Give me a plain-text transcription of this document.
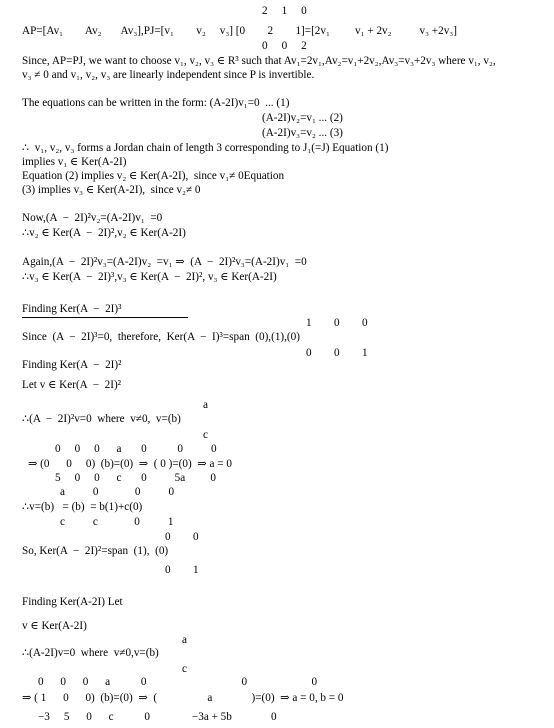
2     1     0
AP=[Av₁        Av₂       Av₃],PJ=[v₁        v₂     v₃] [0        2        1]=[2v₁         v₁ + 2v₂          v₃ +2v₃]
0     0     2
Since, AP=PJ, we want to choose v₁, v₂, v₃ ∈ R³ such that Av₁=2v₁,Av₂=v₁+2v₂,Av₃=v₃+2v₃ where v₁, v₂,
v₃ ≠ 0 and v₁, v₂, v₃ are linearly independent since P is invertible.
The equations can be written in the form: (A-2I)v₁=0  ... (1)
(A-2I)v₂=v₁ ... (2)
(A-2I)v₃=v₂ ... (3)
∴  v₁, v₂, v₃ forms a Jordan chain of length 3 corresponding to J₁(=J) Equation (1)
implies v₁ ∈ Ker(A-2I)
Equation (2) implies v₂ ∈ Ker(A-2I),  since v₁≠ 0Equation
(3) implies v₃ ∈ Ker(A-2I),  since v₂≠ 0
Now,(A  −  2I)²v₂=(A-2I)v₁  =0
∴v₂ ∈ Ker(A  −  2I)²,v₂ ∈ Ker(A-2I)
Again,(A  −  2I)²v₃=(A-2I)v₂  =v₁ ⇒  (A  −  2I)²v₃=(A-2I)v₁  =0
∴v₃ ∈ Ker(A  −  2I)³,v₃ ∈ Ker(A  −  2I)², v₃ ∈ Ker(A-2I)
Finding Ker(A  −  2I)³
1        0        0
Since  (A  −  2I)³=0,  therefore,  Ker(A  −  I)³=span  (0),(1),(0)
0        0        1
Finding Ker(A  −  2I)²
Let v ∈ Ker(A  −  2I)²
a
∴(A  −  2I)²v=0  where  v≠0,  v=(b)
c
0     0     0      a       0           0          0
⇒ (0      0     0)  (b)=(0)  ⇒  ( 0 )=(0)  ⇒ a = 0
5     0     0      c       0          5a         0
a          0             0          0
∴v=(b)   = (b)  = b(1)+c(0)
c          c             0          1
0        0
So, Ker(A  −  2I)²=span  (1),  (0)
0        1
Finding Ker(A-2I) Let
v ∈ Ker(A-2I)
a
∴(A-2I)v=0  where  v≠0,v=(b)
c
0      0      0      a           0                                  0                       0
⇒ ( 1      0      0)  (b)=(0)  ⇒  (                  a              )=(0)  ⇒ a = 0, b = 0
−3     5      0      c           0               −3a + 5b              0
